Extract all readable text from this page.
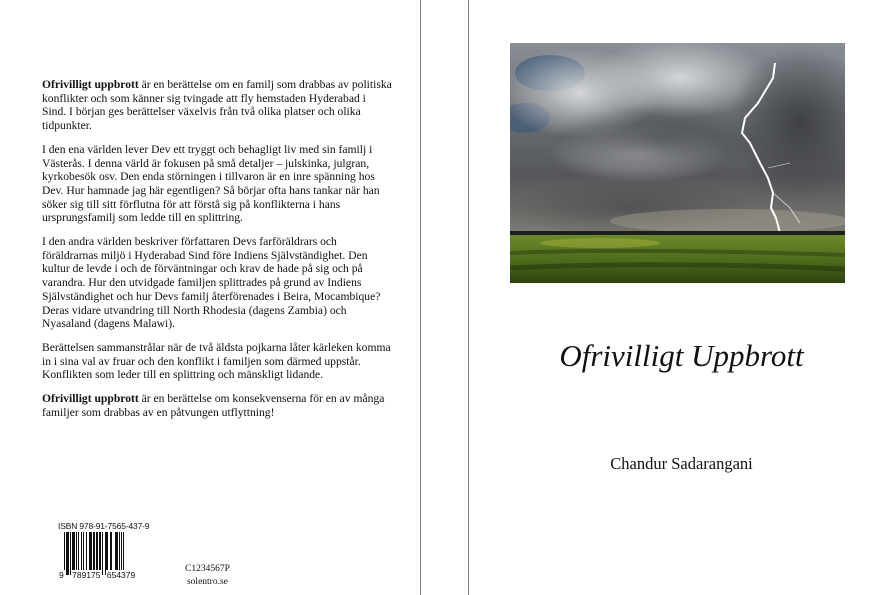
Ofrivilligt uppbrott är en berättelse om en familj som drabbas av politiska konflikter och som känner sig tvingade att fly hemstaden Hyderabad i Sind. I början ges berättelser växelvis från två olika platser och olika tidpunkter.

I den ena världen lever Dev ett tryggt och behagligt liv med sin familj i Västerås. I denna värld är fokusen på små detaljer – julskinka, julgran, kyrkobesök osv. Den enda störningen i tillvaron är en inre spänning hos Dev. Hur hamnade jag här egentligen? Så börjar ofta hans tankar när han söker sig till sitt förflutna för att förstå sig på konflikterna i hans ursprungsfamilj som ledde till en splittring.

I den andra världen beskriver författaren Devs farföräldrars och föräldrarnas miljö i Hyderabad Sind före Indiens Självständighet. Den kultur de levde i och de förväntningar och krav de hade på sig och på varandra. Hur den utvidgade familjen splittrades på grund av Indiens Självständighet och hur Devs familj återförenades i Beira, Mocambique? Deras vidare utvandring till North Rhodesia (dagens Zambia) och Nyasaland (dagens Malawi).

Berättelsen sammanstrålar när de två äldsta pojkarna låter kärleken komma in i sina val av fruar och den konflikt i familjen som därmed uppstår. Konflikten som leder till en splittring och mänskligt lidande.

Ofrivilligt uppbrott är en berättelse om konsekvenserna för en av många familjer som drabbas av en påtvungen utflyttning!

ISBN 978-91-7565-437-9
9 789175 654379
C1234567P
solentro.se
Ofrivilligt Uppbrott
Chandur Sadarangani
